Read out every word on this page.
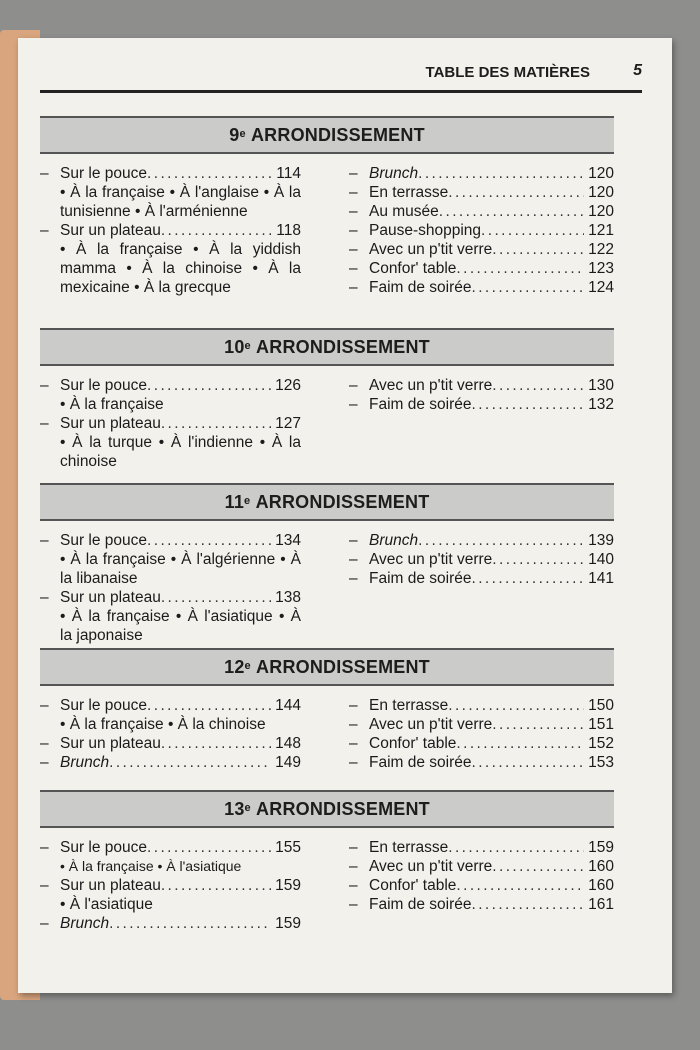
TABLE DES MATIÈRES	5
9e ARRONDISSEMENT
– Sur le pouce .....	114
• À la française • À l'anglaise • À la tunisienne • À l'arménienne
– Sur un plateau .....	118
• À la française • À la yiddish mamma • À la chinoise • À la mexicaine • À la grecque
– Brunch .....	120
– En terrasse .....	120
– Au musée .....	120
– Pause-shopping .....	121
– Avec un p'tit verre .....	122
– Confor' table .....	123
– Faim de soirée .....	124
10e ARRONDISSEMENT
– Sur le pouce .....	126
• À la française
– Sur un plateau .....	127
• À la turque • À l'indienne • À la chinoise
– Avec un p'tit verre .....	130
– Faim de soirée .....	132
11e ARRONDISSEMENT
– Sur le pouce .....	134
• À la française • À l'algérienne • À la libanaise
– Sur un plateau .....	138
• À la française • À l'asiatique • À la japonaise
– Brunch .....	139
– Avec un p'tit verre .....	140
– Faim de soirée .....	141
12e ARRONDISSEMENT
– Sur le pouce .....	144
• À la française • À la chinoise
– Sur un plateau .....	148
– Brunch .....	149
– En terrasse .....	150
– Avec un p'tit verre .....	151
– Confor' table .....	152
– Faim de soirée .....	153
13e ARRONDISSEMENT
– Sur le pouce .....	155
• À la française • À l'asiatique
– Sur un plateau .....	159
• À l'asiatique
– Brunch .....	159
– En terrasse .....	159
– Avec un p'tit verre .....	160
– Confor' table .....	160
– Faim de soirée .....	161
